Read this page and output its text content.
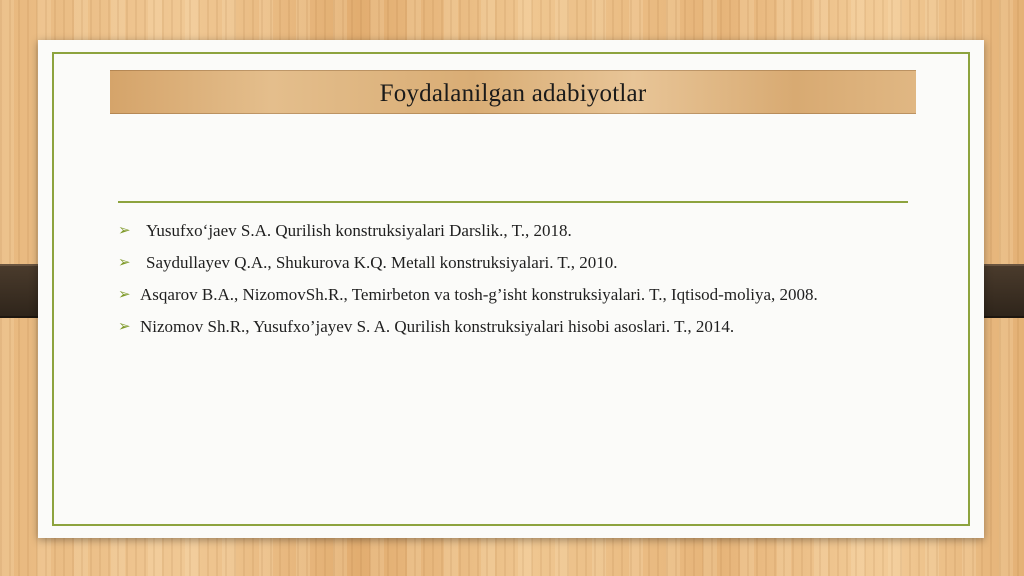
Foydalanilgan adabiyotlar
➢ Yusufxo‘jaev S.A. Qurilish konstruksiyalari Darslik., T., 2018.
➢ Saydullayev Q.A., Shukurova K.Q. Metall konstruksiyalari. T., 2010.
➢ Asqarov B.A., NizomovSh.R., Temirbeton va tosh-g’isht konstruksiyalari. T., Iqtisod-moliya, 2008.
➢ Nizomov Sh.R., Yusufxo’jayev S. A. Qurilish konstruksiyalari hisobi asoslari. T., 2014.
